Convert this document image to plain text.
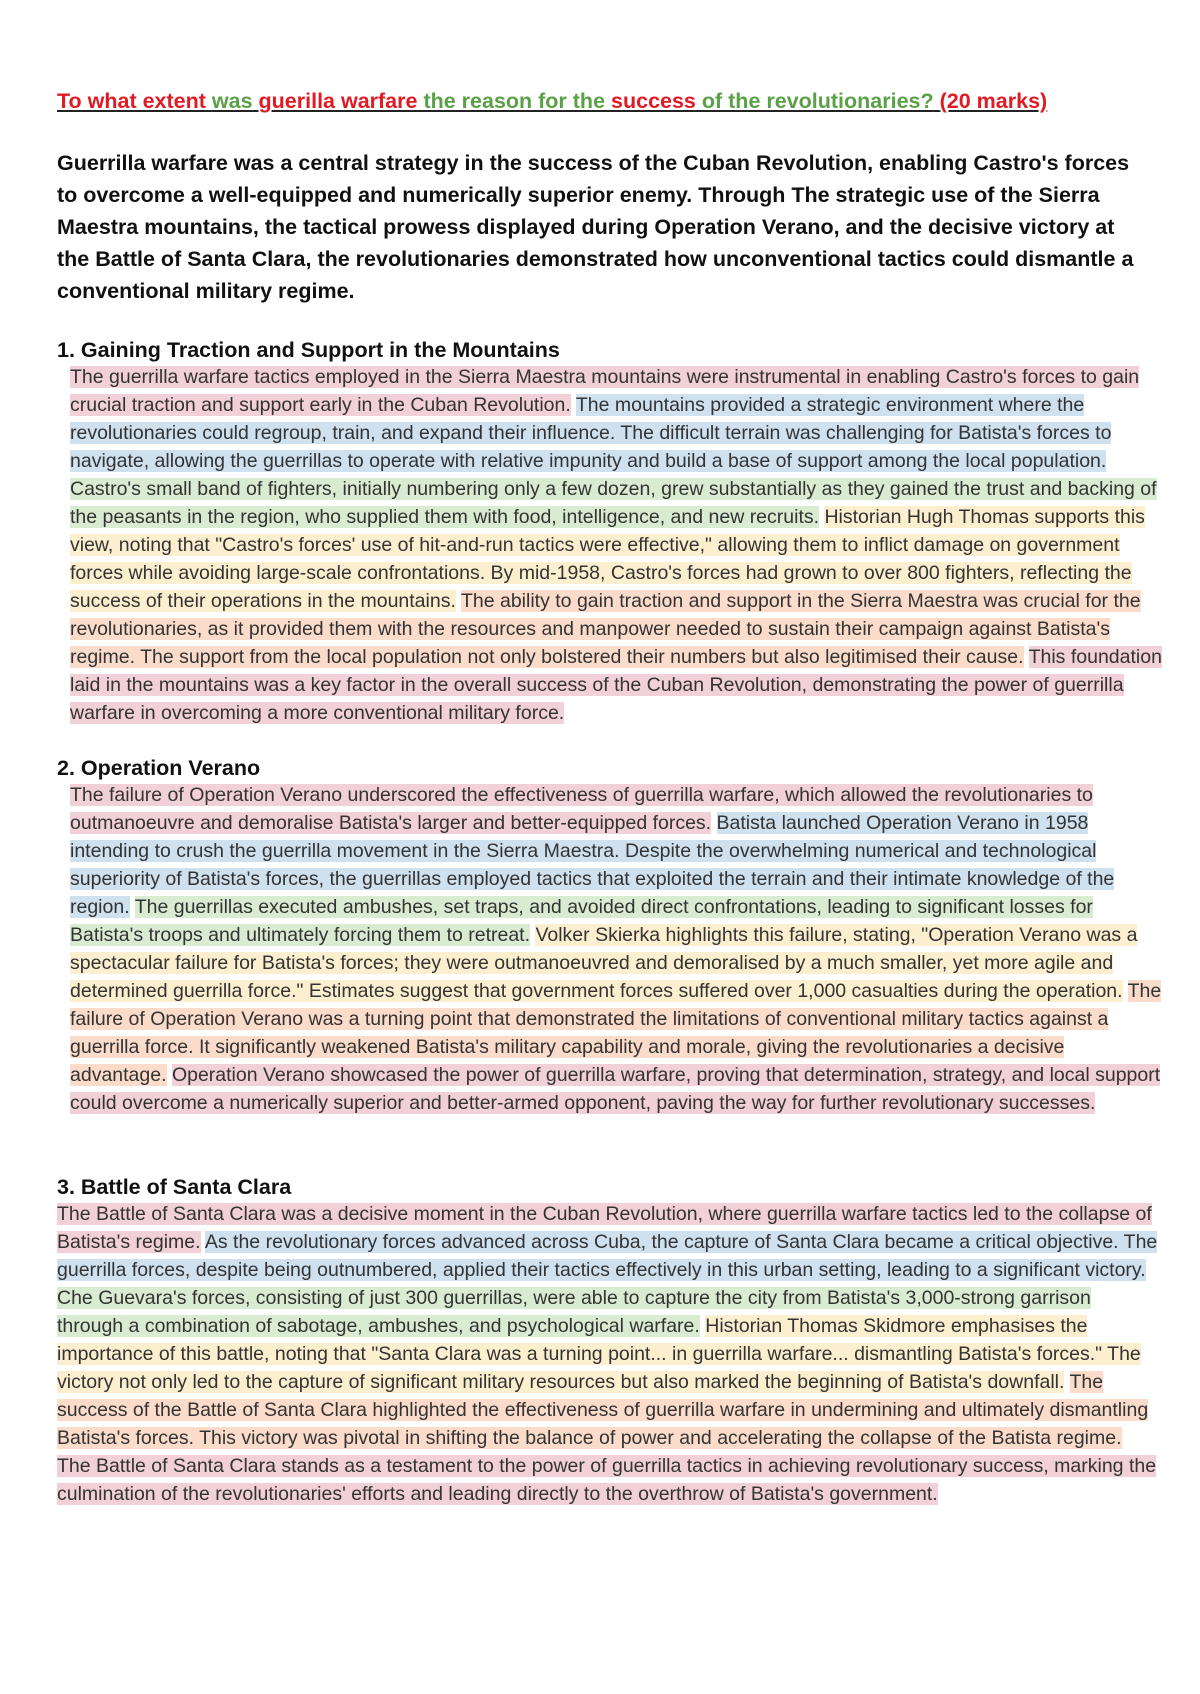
To what extent was guerilla warfare the reason for the success of the revolutionaries? (20 marks)

Guerrilla warfare was a central strategy in the success of the Cuban Revolution, enabling Castro's forces to overcome a well-equipped and numerically superior enemy. Through The strategic use of the Sierra Maestra mountains, the tactical prowess displayed during Operation Verano, and the decisive victory at the Battle of Santa Clara, the revolutionaries demonstrated how unconventional tactics could dismantle a conventional military regime.

1. Gaining Traction and Support in the Mountains

The guerrilla warfare tactics employed in the Sierra Maestra mountains were instrumental in enabling Castro's forces to gain crucial traction and support early in the Cuban Revolution. The mountains provided a strategic environment where the revolutionaries could regroup, train, and expand their influence. The difficult terrain was challenging for Batista's forces to navigate, allowing the guerrillas to operate with relative impunity and build a base of support among the local population. Castro's small band of fighters, initially numbering only a few dozen, grew substantially as they gained the trust and backing of the peasants in the region, who supplied them with food, intelligence, and new recruits. Historian Hugh Thomas supports this view, noting that "Castro's forces' use of hit-and-run tactics were effective," allowing them to inflict damage on government forces while avoiding large-scale confrontations. By mid-1958, Castro's forces had grown to over 800 fighters, reflecting the success of their operations in the mountains. The ability to gain traction and support in the Sierra Maestra was crucial for the revolutionaries, as it provided them with the resources and manpower needed to sustain their campaign against Batista's regime. The support from the local population not only bolstered their numbers but also legitimised their cause. This foundation laid in the mountains was a key factor in the overall success of the Cuban Revolution, demonstrating the power of guerrilla warfare in overcoming a more conventional military force.

2. Operation Verano

The failure of Operation Verano underscored the effectiveness of guerrilla warfare, which allowed the revolutionaries to outmanoeuvre and demoralise Batista's larger and better-equipped forces. Batista launched Operation Verano in 1958 intending to crush the guerrilla movement in the Sierra Maestra. Despite the overwhelming numerical and technological superiority of Batista's forces, the guerrillas employed tactics that exploited the terrain and their intimate knowledge of the region. The guerrillas executed ambushes, set traps, and avoided direct confrontations, leading to significant losses for Batista's troops and ultimately forcing them to retreat. Volker Skierka highlights this failure, stating, "Operation Verano was a spectacular failure for Batista's forces; they were outmanoeuvred and demoralised by a much smaller, yet more agile and determined guerrilla force." Estimates suggest that government forces suffered over 1,000 casualties during the operation. The failure of Operation Verano was a turning point that demonstrated the limitations of conventional military tactics against a guerrilla force. It significantly weakened Batista's military capability and morale, giving the revolutionaries a decisive advantage. Operation Verano showcased the power of guerrilla warfare, proving that determination, strategy, and local support could overcome a numerically superior and better-armed opponent, paving the way for further revolutionary successes.

3. Battle of Santa Clara

The Battle of Santa Clara was a decisive moment in the Cuban Revolution, where guerrilla warfare tactics led to the collapse of Batista's regime. As the revolutionary forces advanced across Cuba, the capture of Santa Clara became a critical objective. The guerrilla forces, despite being outnumbered, applied their tactics effectively in this urban setting, leading to a significant victory. Che Guevara's forces, consisting of just 300 guerrillas, were able to capture the city from Batista's 3,000-strong garrison through a combination of sabotage, ambushes, and psychological warfare. Historian Thomas Skidmore emphasises the importance of this battle, noting that "Santa Clara was a turning point... in guerrilla warfare... dismantling Batista's forces." The victory not only led to the capture of significant military resources but also marked the beginning of Batista's downfall. The success of the Battle of Santa Clara highlighted the effectiveness of guerrilla warfare in undermining and ultimately dismantling Batista's forces. This victory was pivotal in shifting the balance of power and accelerating the collapse of the Batista regime. The Battle of Santa Clara stands as a testament to the power of guerrilla tactics in achieving revolutionary success, marking the culmination of the revolutionaries' efforts and leading directly to the overthrow of Batista's government.
